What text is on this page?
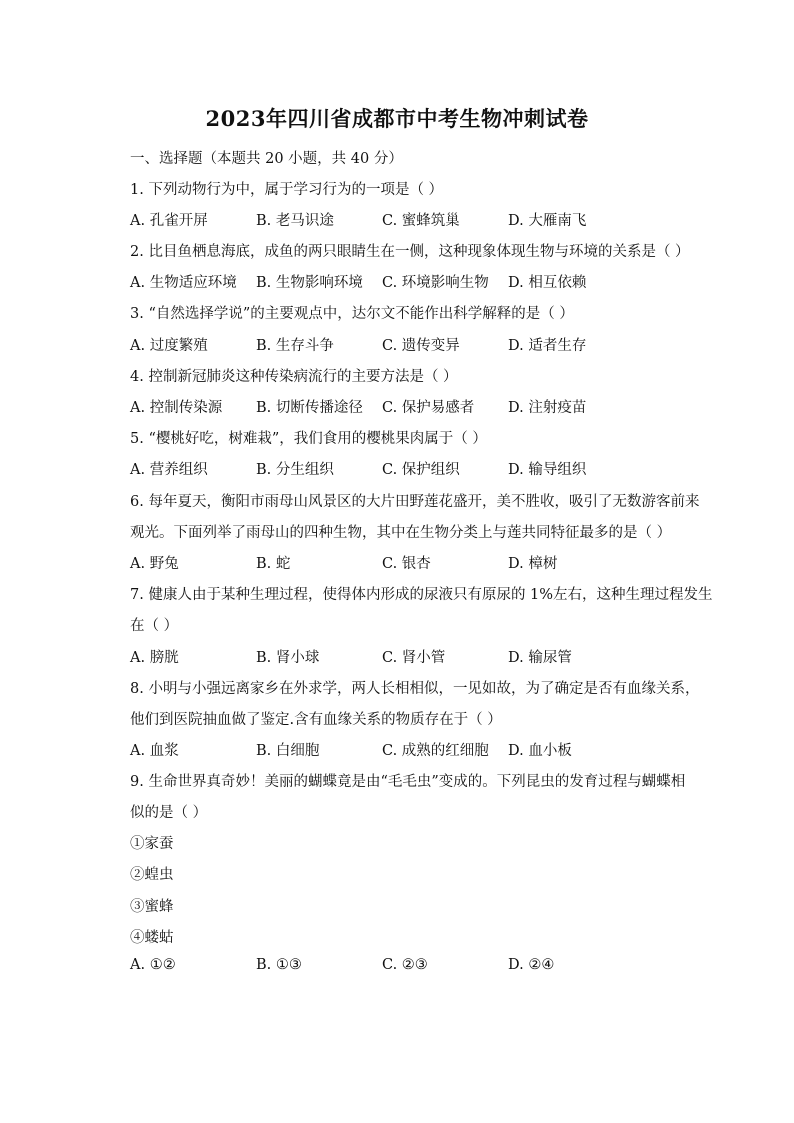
2023年四川省成都市中考生物冲刺试卷
一、选择题（本题共 20 小题，共 40 分）
1. 下列动物行为中，属于学习行为的一项是（ ）
A. 孔雀开屏	B. 老马识途	C. 蜜蜂筑巢	D. 大雁南飞
2. 比目鱼栖息海底，成鱼的两只眼睛生在一侧，这种现象体现生物与环境的关系是（ ）
A. 生物适应环境 B. 生物影响环境 C. 环境影响生物 D. 相互依赖
3. “自然选择学说”的主要观点中，达尔文不能作出科学解释的是（ ）
A. 过度繁殖	B. 生存斗争	C. 遗传变异	D. 适者生存
4. 控制新冠肺炎这种传染病流行的主要方法是（ ）
A. 控制传染源 B. 切断传播途径 C. 保护易感者 D. 注射疫苗
5. “樱桃好吃，树难栽”，我们食用的樱桃果肉属于（ ）
A. 营养组织	B. 分生组织	C. 保护组织	D. 输导组织
6. 每年夏天，衡阳市雨母山风景区的大片田野莲花盛开，美不胜收，吸引了无数游客前来
观光。下面列举了雨母山的四种生物，其中在生物分类上与莲共同特征最多的是（ ）
A. 野兔	B. 蛇	C. 银杏	D. 樟树
7. 健康人由于某种生理过程，使得体内形成的尿液只有原尿的 1%左右，这种生理过程发生
在（ ）
A. 膀胱	B. 肾小球	C. 肾小管	D. 输尿管
8. 小明与小强远离家乡在外求学，两人长相相似，一见如故，为了确定是否有血缘关系，
他们到医院抽血做了鉴定.含有血缘关系的物质存在于（ ）
A. 血浆	B. 白细胞	C. 成熟的红细胞 D. 血小板
9. 生命世界真奇妙！美丽的蝴蝶竟是由“毛毛虫”变成的。下列昆虫的发育过程与蝴蝶相
似的是（ ）
①家蚕
②蝗虫
③蜜蜂
④蝼蛄
A. ①②	B. ①③	C. ②③	D. ②④
